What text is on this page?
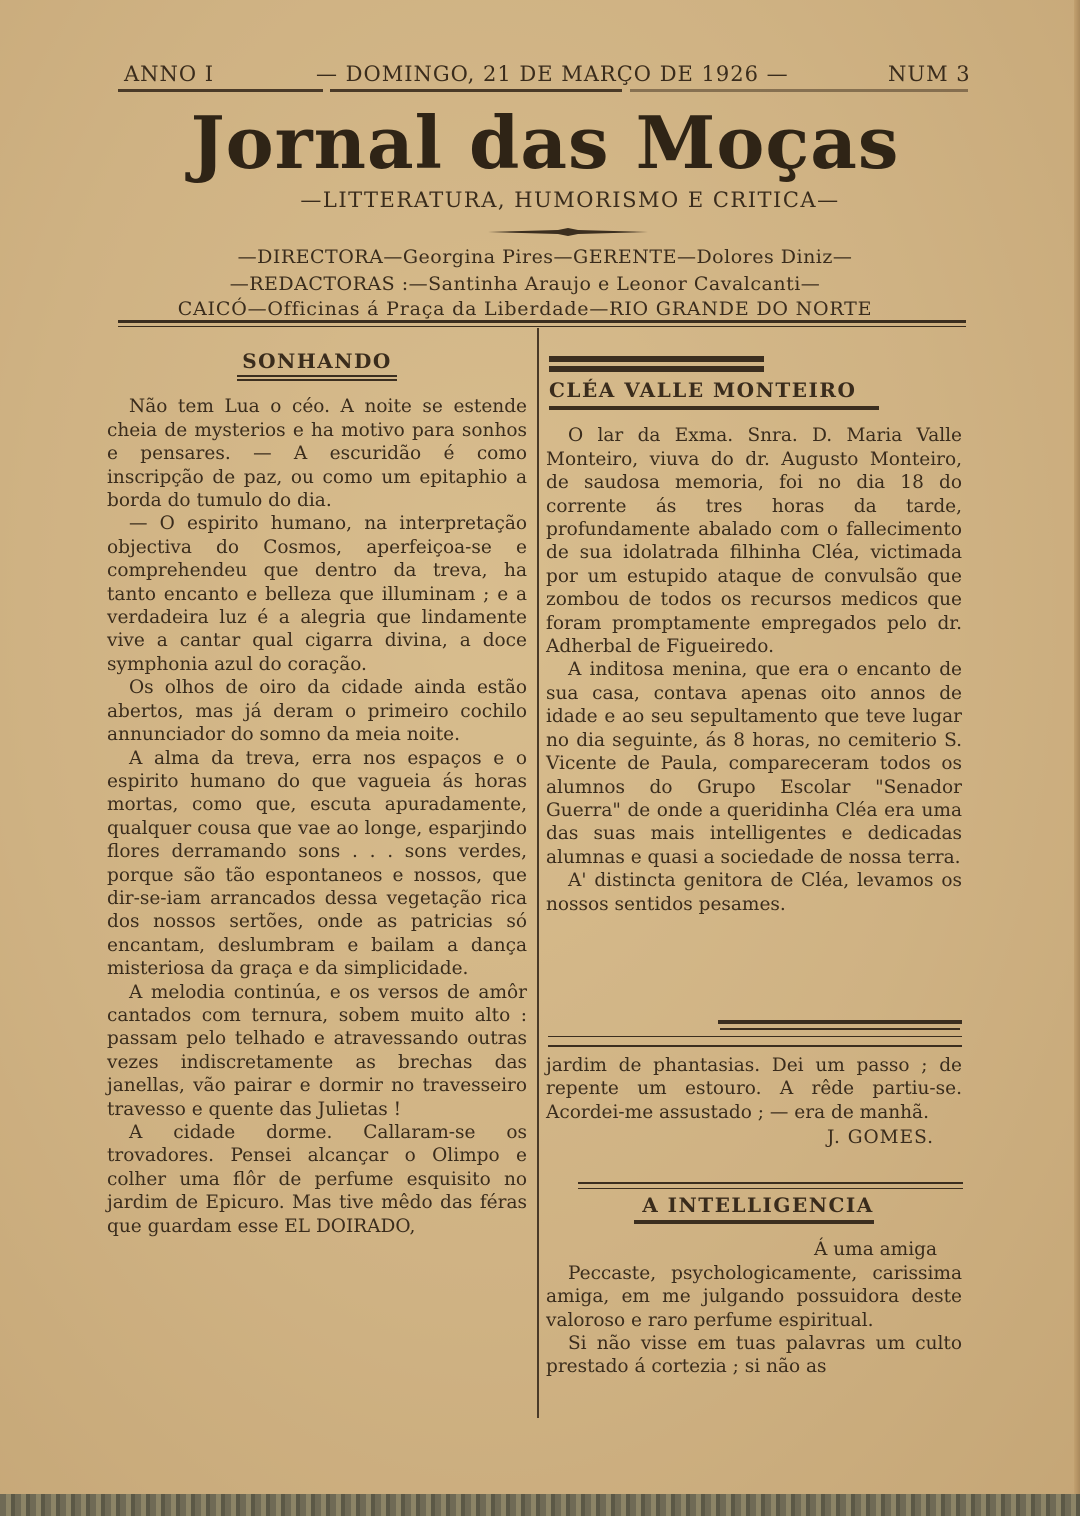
ANNO I	— DOMINGO, 21 DE MARÇO DE 1926 —	NUM 3
Jornal das Moças
—LITTERATURA, HUMORISMO E CRITICA—
—DIRECTORA—Georgina Pires—GERENTE—Dolores Diniz—
—REDACTORAS :—Santinha Araujo e Leonor Cavalcanti—
CAICÓ—Officinas á Praça da Liberdade—RIO GRANDE DO NORTE
SONHANDO

Não tem Lua o céo. A noite se estende cheia de mysterios e ha motivo para sonhos e pensares. — A escuridão é como inscripção de paz, ou como um epitaphio a borda do tumulo do dia.

— O espirito humano, na interpretação objectiva do Cosmos, aperfeiçoa-se e comprehendeu que dentro da treva, ha tanto encanto e belleza que illuminam ; e a verdadeira luz é a alegria que lindamente vive a cantar qual cigarra divina, a doce symphonia azul do coração.

Os olhos de oiro da cidade ainda estão abertos, mas já deram o primeiro cochilo annunciador do somno da meia noite.

A alma da treva, erra nos espaços e o espirito humano do que vagueia ás horas mortas, como que, escuta apuradamente, qualquer cousa que vae ao longe, esparjindo flores derramando sons . . . sons verdes, porque são tão espontaneos e nossos, que dir-se-iam arrancados dessa vegetação rica dos nossos sertões, onde as patricias só encantam, deslumbram e bailam a dança misteriosa da graça e da simplicidade.

A melodia continúa, e os versos de amôr cantados com ternura, sobem muito alto : passam pelo telhado e atravessando outras vezes indiscretamente as brechas das janellas, vão pairar e dormir no travesseiro travesso e quente das Julietas !

A cidade dorme. Callaram-se os trovadores. Pensei alcançar o Olimpo e colher uma flôr de perfume esquisito no jardim de Epicuro. Mas tive mêdo das féras que guardam esse EL DOIRADO,

CLÉA VALLE MONTEIRO

O lar da Exma. Snra. D. Maria Valle Monteiro, viuva do dr. Augusto Monteiro, de saudosa memoria, foi no dia 18 do corrente ás tres horas da tarde, profundamente abalado com o fallecimento de sua idolatrada filhinha Cléa, victimada por um estupido ataque de convulsão que zombou de todos os recursos medicos que foram promptamente empregados pelo dr. Adherbal de Figueiredo.

A inditosa menina, que era o encanto de sua casa, contava apenas oito annos de idade e ao seu sepultamento que teve lugar no dia seguinte, ás 8 horas, no cemiterio S. Vicente de Paula, compareceram todos os alumnos do Grupo Escolar "Senador Guerra" de onde a queridinha Cléa era uma das suas mais intelligentes e dedicadas alumnas e quasi a sociedade de nossa terra.

A' distincta genitora de Cléa, levamos os nossos sentidos pesames.

jardim de phantasias. Dei um passo ; de repente um estouro. A rêde partiu-se. Acordei-me assustado ; — era de manhã.

J. GOMES.

A INTELLIGENCIA

Á uma amiga

Peccaste, psychologicamente, carissima amiga, em me julgando possuidora deste valoroso e raro perfume espiritual.

Si não visse em tuas palavras um culto prestado á cortezia ; si não as
